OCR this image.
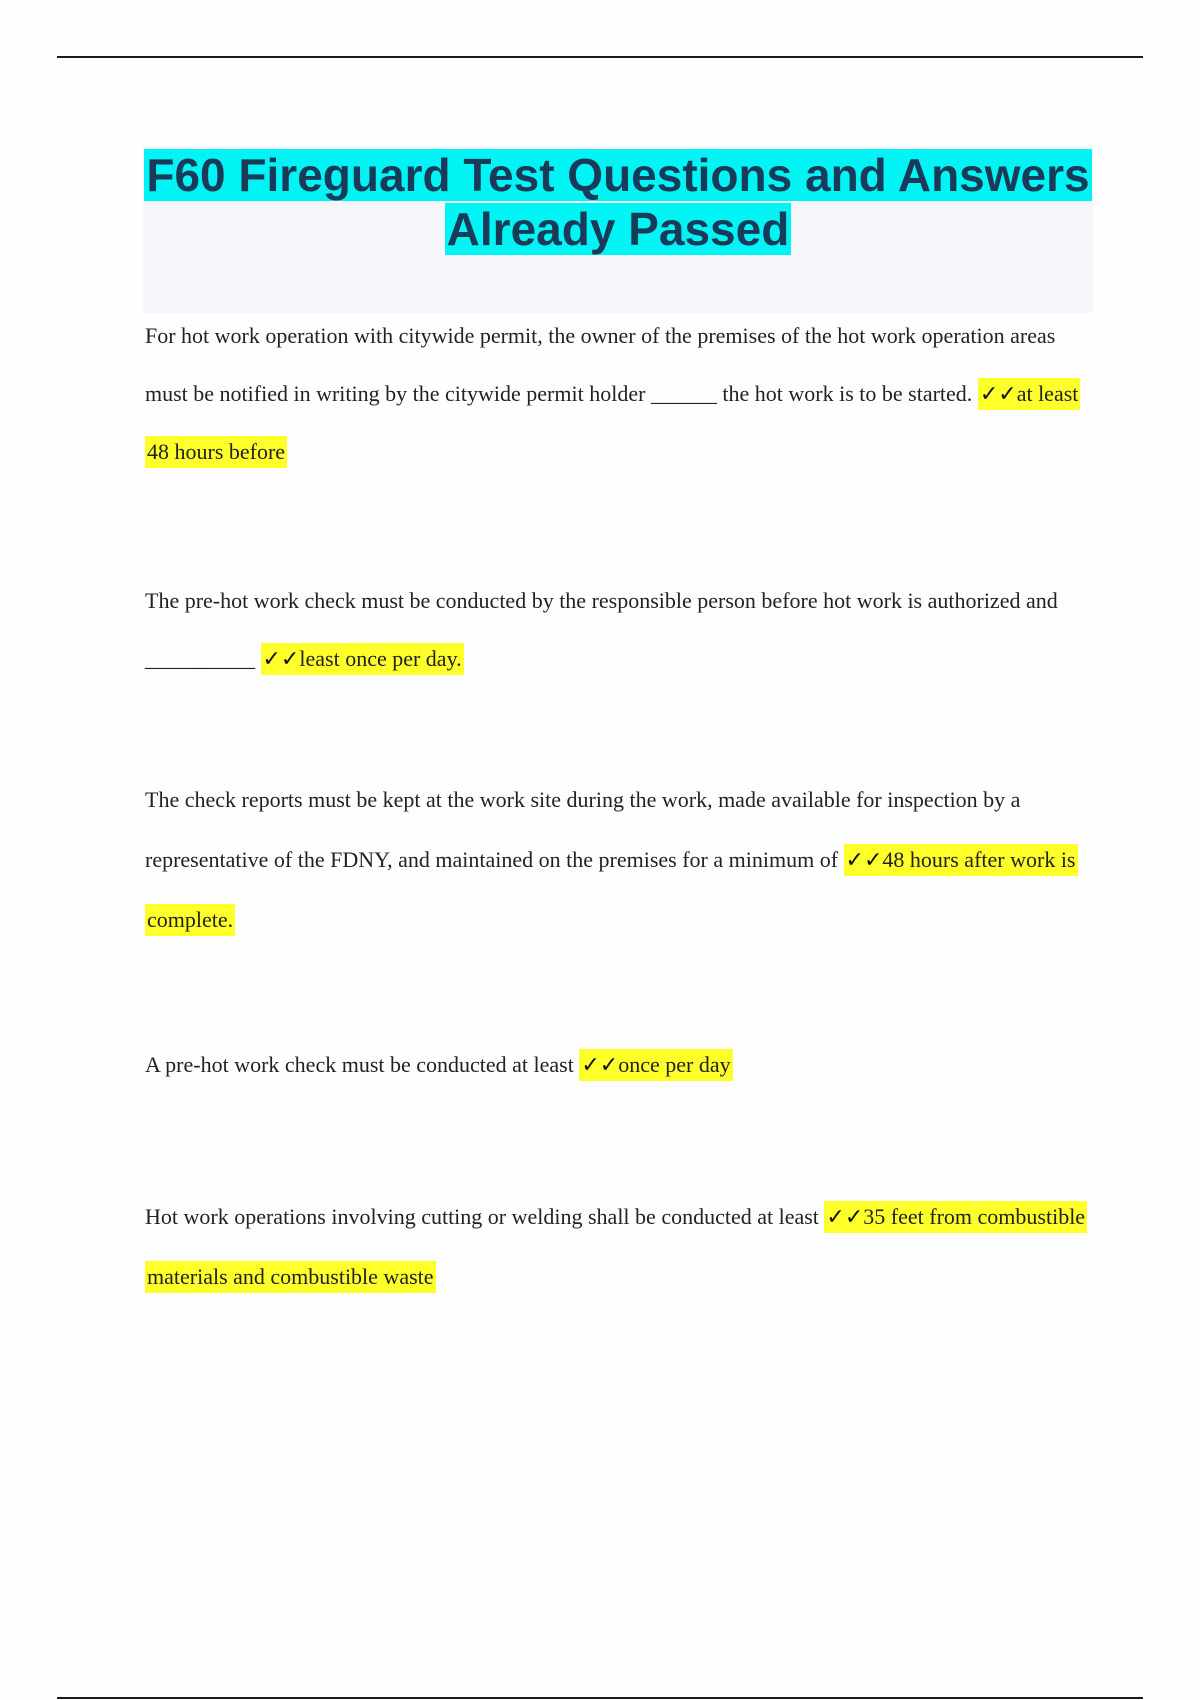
F60 Fireguard Test Questions and Answers Already Passed

For hot work operation with citywide permit, the owner of the premises of the hot work operation areas must be notified in writing by the citywide permit holder ______ the hot work is to be started. ✓✓at least 48 hours before

The pre-hot work check must be conducted by the responsible person before hot work is authorized and __________ ✓✓least once per day.

The check reports must be kept at the work site during the work, made available for inspection by a representative of the FDNY, and maintained on the premises for a minimum of ✓✓48 hours after work is complete.

A pre-hot work check must be conducted at least ✓✓once per day

Hot work operations involving cutting or welding shall be conducted at least ✓✓35 feet from combustible materials and combustible waste
